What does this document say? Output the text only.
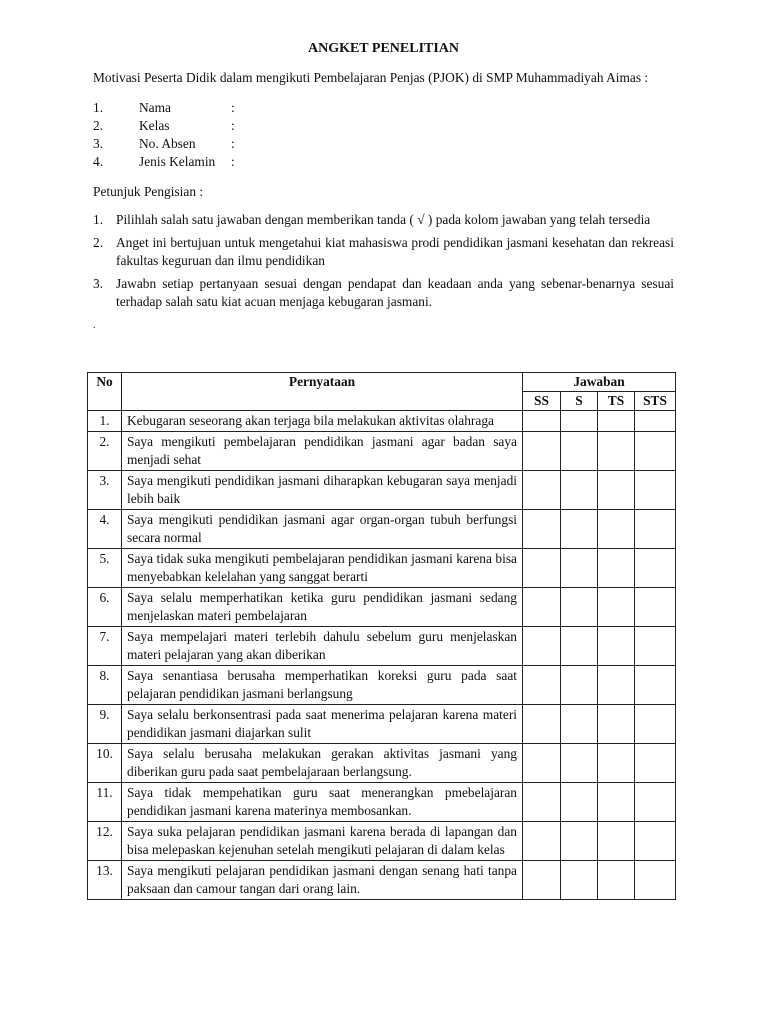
ANGKET PENELITIAN

Motivasi Peserta Didik dalam mengikuti Pembelajaran Penjas (PJOK) di SMP Muhammadiyah Aimas :

1.	Nama	:
2.	Kelas	:
3.	No. Absen	:
4.	Jenis Kelamin	:
Petunjuk Pengisian :
1. Pilihlah salah satu jawaban dengan memberikan tanda ( √ ) pada kolom jawaban yang telah tersedia
2. Anget ini bertujuan untuk mengetahui kiat mahasiswa prodi pendidikan jasmani kesehatan dan rekreasi fakultas keguruan dan ilmu pendidikan
3. Jawabn setiap pertanyaan sesuai dengan pendapat dan keadaan anda yang sebenar-benarnya sesuai terhadap salah satu kiat acuan menjaga kebugaran jasmani.
.
No	Pernyataan	Jawaban			
		SS	S	TS	STS
1.	Kebugaran seseorang akan terjaga bila melakukan aktivitas olahraga				
2.	Saya mengikuti pembelajaran pendidikan jasmani agar badan saya menjadi sehat				
3.	Saya mengikuti pendidikan jasmani diharapkan kebugaran saya menjadi lebih baik				
4.	Saya mengikuti pendidikan jasmani agar organ-organ tubuh berfungsi secara normal				
5.	Saya tidak suka mengikuti pembelajaran pendidikan jasmani karena bisa menyebabkan kelelahan yang sanggat berarti				
6.	Saya selalu memperhatikan ketika guru pendidikan jasmani sedang menjelaskan materi pembelajaran				
7.	Saya mempelajari materi terlebih dahulu sebelum guru menjelaskan materi pelajaran yang akan diberikan				
8.	Saya senantiasa berusaha memperhatikan koreksi guru pada saat pelajaran pendidikan jasmani berlangsung				
9.	Saya selalu berkonsentrasi pada saat menerima pelajaran karena materi pendidikan jasmani diajarkan sulit				
10.	Saya selalu berusaha melakukan gerakan aktivitas jasmani yang diberikan guru pada saat pembelajaraan berlangsung.				
11.	Saya tidak mempehatikan guru saat menerangkan pmebelajaran pendidikan jasmani karena materinya membosankan.				
12.	Saya suka pelajaran pendidikan jasmani karena berada di lapangan dan bisa melepaskan kejenuhan setelah mengikuti pelajaran di dalam kelas				
13.	Saya mengikuti pelajaran pendidikan jasmani dengan senang hati tanpa paksaan dan camour tangan dari orang lain.				
